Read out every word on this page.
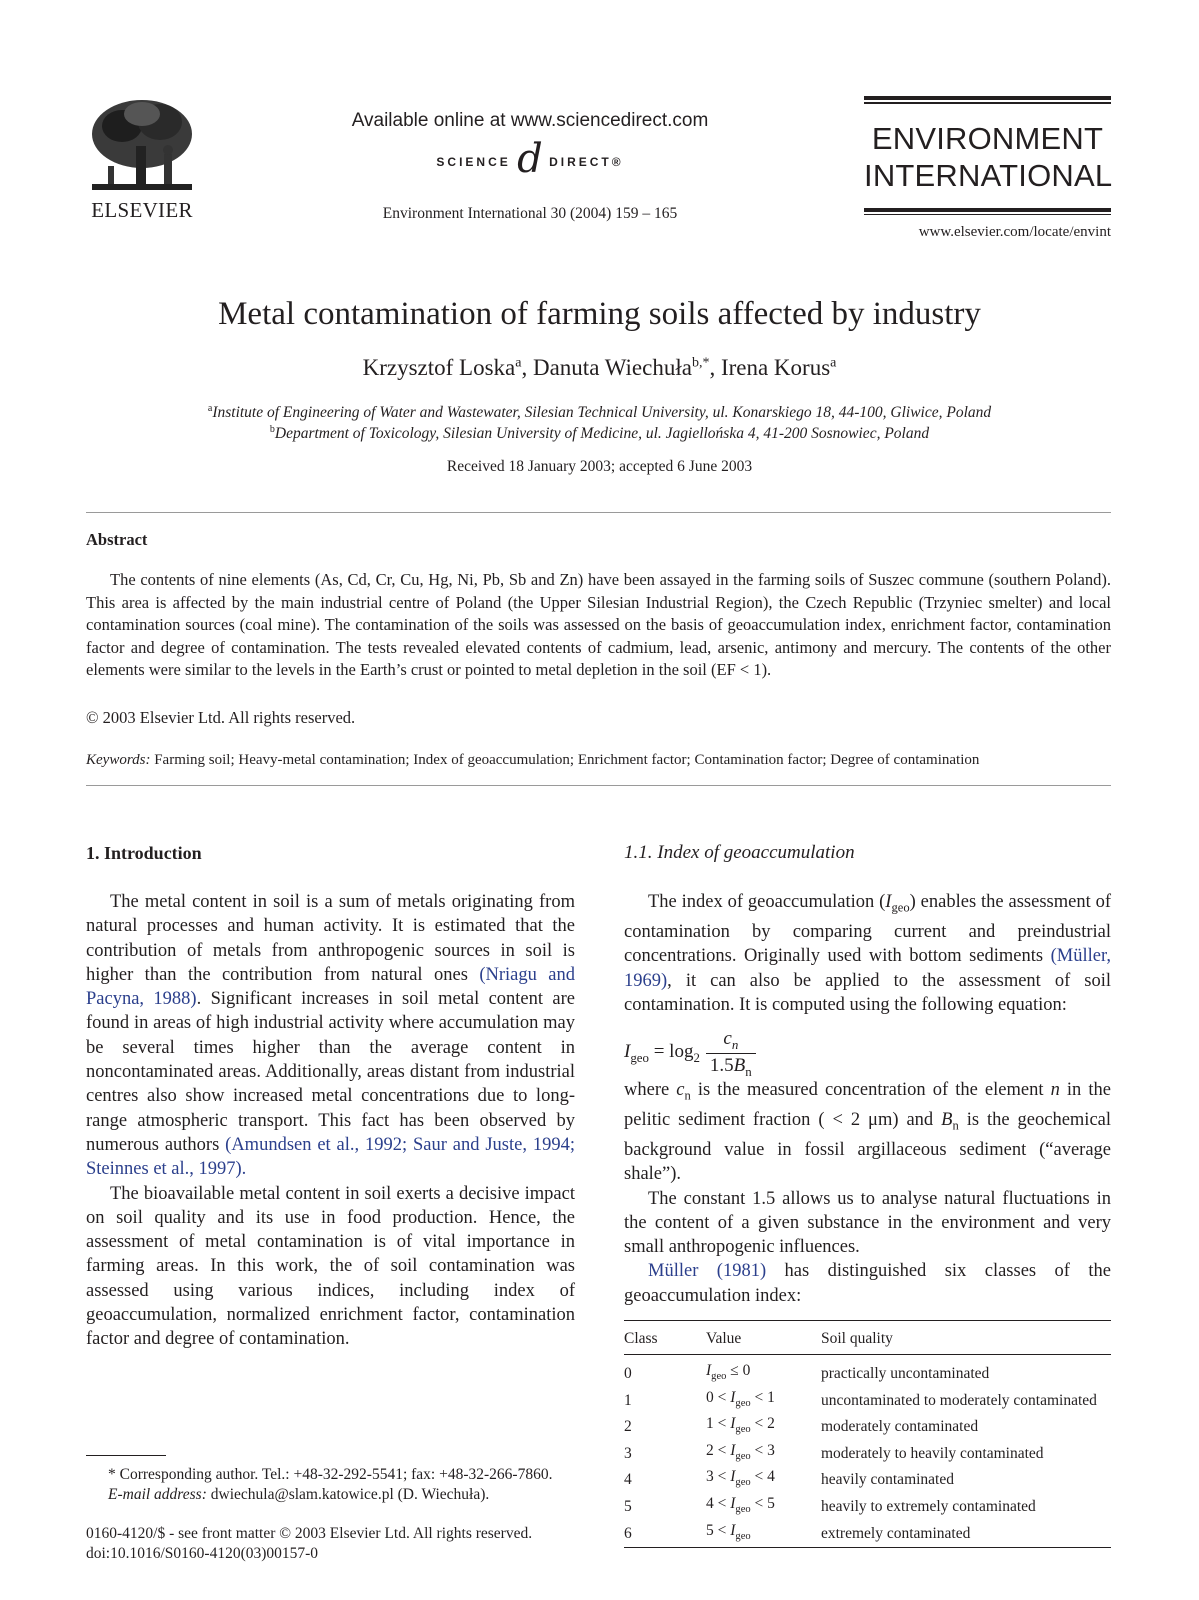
ELSEVIER
Available online at www.sciencedirect.com
SCIENCE d DIRECT®
Environment International 30 (2004) 159 – 165
ENVIRONMENT
INTERNATIONAL
www.elsevier.com/locate/envint
Metal contamination of farming soils affected by industry
Krzysztof Loska$^a$, Danuta Wiechuła$^{b,*}$, Irena Korus$^a$
$^a$Institute of Engineering of Water and Wastewater, Silesian Technical University, ul. Konarskiego 18, 44-100, Gliwice, Poland
$^b$Department of Toxicology, Silesian University of Medicine, ul. Jagiellońska 4, 41-200 Sosnowiec, Poland
Received 18 January 2003; accepted 6 June 2003
Abstract
The contents of nine elements (As, Cd, Cr, Cu, Hg, Ni, Pb, Sb and Zn) have been assayed in the farming soils of Suszec commune (southern Poland). This area is affected by the main industrial centre of Poland (the Upper Silesian Industrial Region), the Czech Republic (Trzyniec smelter) and local contamination sources (coal mine). The contamination of the soils was assessed on the basis of geoaccumulation index, enrichment factor, contamination factor and degree of contamination. The tests revealed elevated contents of cadmium, lead, arsenic, antimony and mercury. The contents of the other elements were similar to the levels in the Earth’s crust or pointed to metal depletion in the soil (EF < 1).
© 2003 Elsevier Ltd. All rights reserved.
Keywords: Farming soil; Heavy-metal contamination; Index of geoaccumulation; Enrichment factor; Contamination factor; Degree of contamination
1. Introduction

The metal content in soil is a sum of metals originating from natural processes and human activity. It is estimated that the contribution of metals from anthropogenic sources in soil is higher than the contribution from natural ones (Nriagu and Pacyna, 1988). Significant increases in soil metal content are found in areas of high industrial activity where accumulation may be several times higher than the average content in noncontaminated areas. Additionally, areas distant from industrial centres also show increased metal concentrations due to long-range atmospheric transport. This fact has been observed by numerous authors (Amundsen et al., 1992; Saur and Juste, 1994; Steinnes et al., 1997).

The bioavailable metal content in soil exerts a decisive impact on soil quality and its use in food production. Hence, the assessment of metal contamination is of vital importance in farming areas. In this work, the of soil contamination was assessed using various indices, including index of geoaccumulation, normalized enrichment factor, contamination factor and degree of contamination.

* Corresponding author. Tel.: +48-32-292-5541; fax: +48-32-266-7860.
E-mail address: dwiechula@slam.katowice.pl (D. Wiechuła).
0160-4120/$ - see front matter © 2003 Elsevier Ltd. All rights reserved.
doi:10.1016/S0160-4120(03)00157-0
1.1. Index of geoaccumulation

The index of geoaccumulation $(I_{geo})$ enables the assessment of contamination by comparing current and preindustrial concentrations. Originally used with bottom sediments (Müller, 1969), it can also be applied to the assessment of soil contamination. It is computed using the following equation:

$I_{geo} = \log_2 \frac{c_n}{1.5B_n}$

where $c_n$ is the measured concentration of the element n in the pelitic sediment fraction ( < 2 μm) and $B_n$ is the geochemical background value in fossil argillaceous sediment (“average shale”).

The constant 1.5 allows us to analyse natural fluctuations in the content of a given substance in the environment and very small anthropogenic influences.

Müller (1981) has distinguished six classes of the geoaccumulation index:

Class	Value	Soil quality
0	$I_{geo} \le 0$	practically uncontaminated
1	$0 < I_{geo} < 1$	uncontaminated to moderately contaminated
2	$1 < I_{geo} < 2$	moderately contaminated
3	$2 < I_{geo} < 3$	moderately to heavily contaminated
4	$3 < I_{geo} < 4$	heavily contaminated
5	$4 < I_{geo} < 5$	heavily to extremely contaminated
6	$5 < I_{geo}$	extremely contaminated
